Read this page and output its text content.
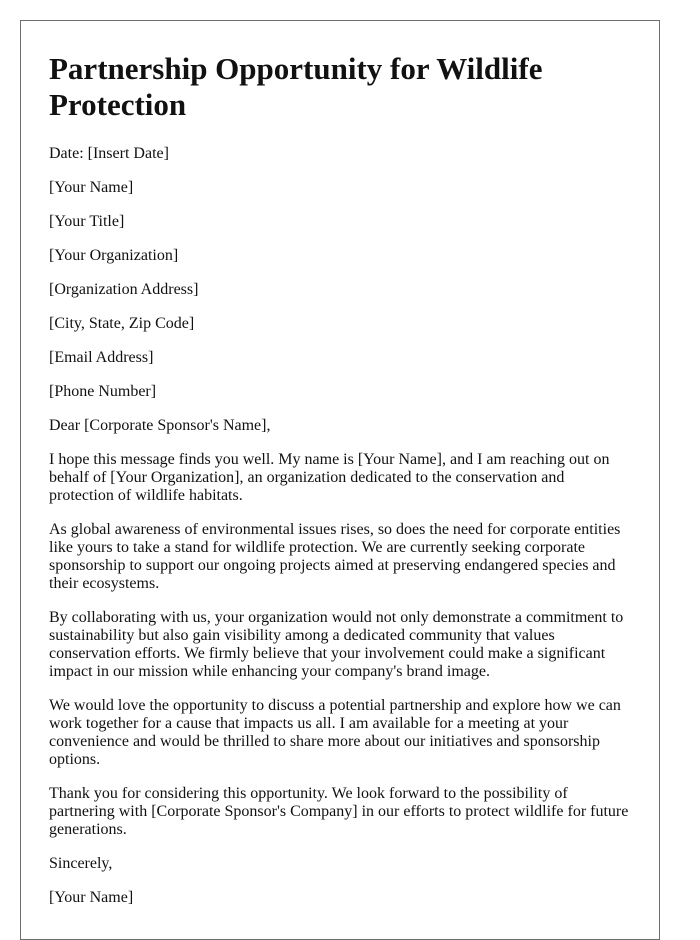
Partnership Opportunity for Wildlife Protection

Date: [Insert Date]

[Your Name]

[Your Title]

[Your Organization]

[Organization Address]

[City, State, Zip Code]

[Email Address]

[Phone Number]

Dear [Corporate Sponsor's Name],

I hope this message finds you well. My name is [Your Name], and I am reaching out on behalf of [Your Organization], an organization dedicated to the conservation and protection of wildlife habitats.

As global awareness of environmental issues rises, so does the need for corporate entities like yours to take a stand for wildlife protection. We are currently seeking corporate sponsorship to support our ongoing projects aimed at preserving endangered species and their ecosystems.

By collaborating with us, your organization would not only demonstrate a commitment to sustainability but also gain visibility among a dedicated community that values conservation efforts. We firmly believe that your involvement could make a significant impact in our mission while enhancing your company's brand image.

We would love the opportunity to discuss a potential partnership and explore how we can work together for a cause that impacts us all. I am available for a meeting at your convenience and would be thrilled to share more about our initiatives and sponsorship options.

Thank you for considering this opportunity. We look forward to the possibility of partnering with [Corporate Sponsor's Company] in our efforts to protect wildlife for future generations.

Sincerely,

[Your Name]
